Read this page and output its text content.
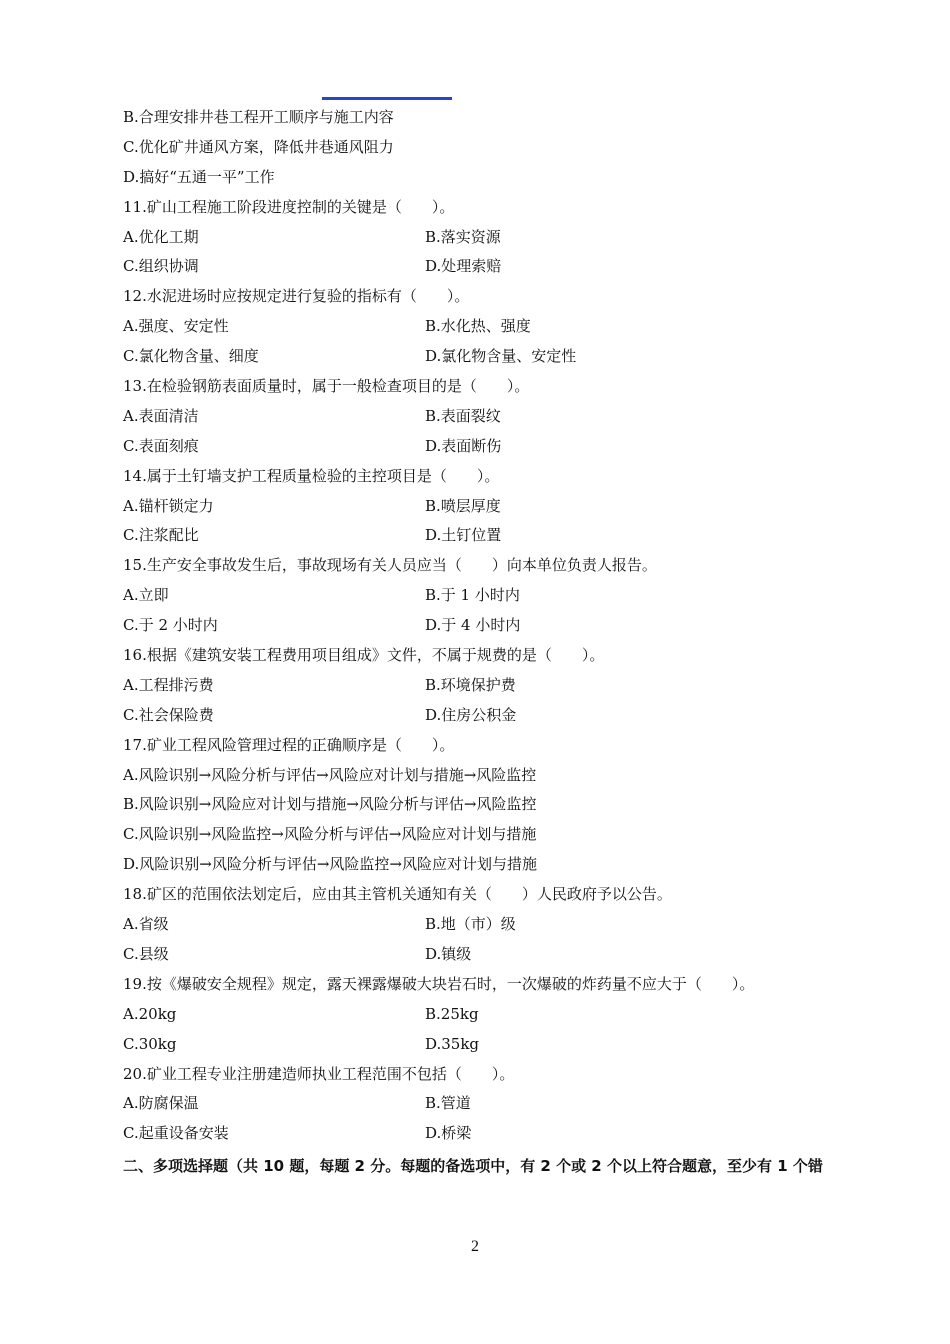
B.合理安排井巷工程开工顺序与施工内容
C.优化矿井通风方案，降低井巷通风阻力
D.搞好“五通一平”工作
11.矿山工程施工阶段进度控制的关键是（　　）。
A.优化工期	B.落实资源
C.组织协调	D.处理索赔
12.水泥进场时应按规定进行复验的指标有（　　）。
A.强度、安定性	B.水化热、强度
C.氯化物含量、细度	D.氯化物含量、安定性
13.在检验钢筋表面质量时，属于一般检查项目的是（　　）。
A.表面清洁	B.表面裂纹
C.表面刻痕	D.表面断伤
14.属于土钉墙支护工程质量检验的主控项目是（　　）。
A.锚杆锁定力	B.喷层厚度
C.注浆配比	D.土钉位置
15.生产安全事故发生后，事故现场有关人员应当（　　）向本单位负责人报告。
A.立即	B.于 1 小时内
C.于 2 小时内	D.于 4 小时内
16.根据《建筑安装工程费用项目组成》文件，不属于规费的是（　　）。
A.工程排污费	B.环境保护费
C.社会保险费	D.住房公积金
17.矿业工程风险管理过程的正确顺序是（　　）。
A.风险识别→风险分析与评估→风险应对计划与措施→风险监控
B.风险识别→风险应对计划与措施→风险分析与评估→风险监控
C.风险识别→风险监控→风险分析与评估→风险应对计划与措施
D.风险识别→风险分析与评估→风险监控→风险应对计划与措施
18.矿区的范围依法划定后，应由其主管机关通知有关（　　）人民政府予以公告。
A.省级	B.地（市）级
C.县级	D.镇级
19.按《爆破安全规程》规定，露天裸露爆破大块岩石时，一次爆破的炸药量不应大于（　　）。
A.20kg	B.25kg
C.30kg	D.35kg
20.矿业工程专业注册建造师执业工程范围不包括（　　）。
A.防腐保温	B.管道
C.起重设备安装	D.桥梁
二、多项选择题（共 10 题，每题 2 分。每题的备选项中，有 2 个或 2 个以上符合题意，至少有 1 个错
2
